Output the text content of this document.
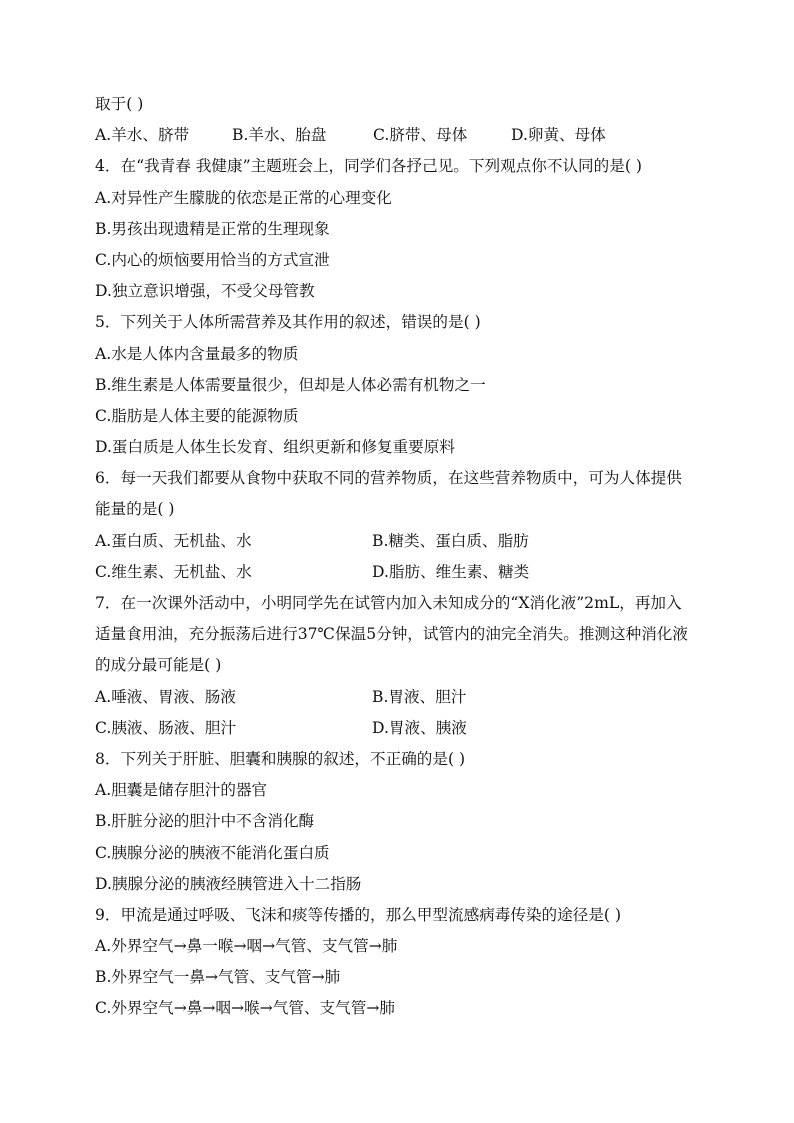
取于( )
A.羊水、脐带	B.羊水、胎盘	C.脐带、母体	D.卵黄、母体
4．在“我青春 我健康”主题班会上，同学们各抒己见。下列观点你不认同的是( )
A.对异性产生朦胧的依恋是正常的心理变化
B.男孩出现遗精是正常的生理现象
C.内心的烦恼要用恰当的方式宣泄
D.独立意识增强，不受父母管教
5．下列关于人体所需营养及其作用的叙述，错误的是( )
A.水是人体内含量最多的物质
B.维生素是人体需要量很少，但却是人体必需有机物之一
C.脂肪是人体主要的能源物质
D.蛋白质是人体生长发育、组织更新和修复重要原料
6．每一天我们都要从食物中获取不同的营养物质，在这些营养物质中，可为人体提供
能量的是( )
A.蛋白质、无机盐、水	B.糖类、蛋白质、脂肪
C.维生素、无机盐、水	D.脂肪、维生素、糖类
7．在一次课外活动中，小明同学先在试管内加入未知成分的“X消化液”2mL，再加入
适量食用油，充分振荡后进行37℃保温5分钟，试管内的油完全消失。推测这种消化液
的成分最可能是( )
A.唾液、胃液、肠液	B.胃液、胆汁
C.胰液、肠液、胆汁	D.胃液、胰液
8．下列关于肝脏、胆囊和胰腺的叙述，不正确的是( )
A.胆囊是储存胆汁的器官
B.肝脏分泌的胆汁中不含消化酶
C.胰腺分泌的胰液不能消化蛋白质
D.胰腺分泌的胰液经胰管进入十二指肠
9．甲流是通过呼吸、飞沫和痰等传播的，那么甲型流感病毒传染的途径是( )
A.外界空气→鼻一喉→咽→气管、支气管→肺
B.外界空气一鼻→气管、支气管→肺
C.外界空气→鼻→咽→喉→气管、支气管→肺
